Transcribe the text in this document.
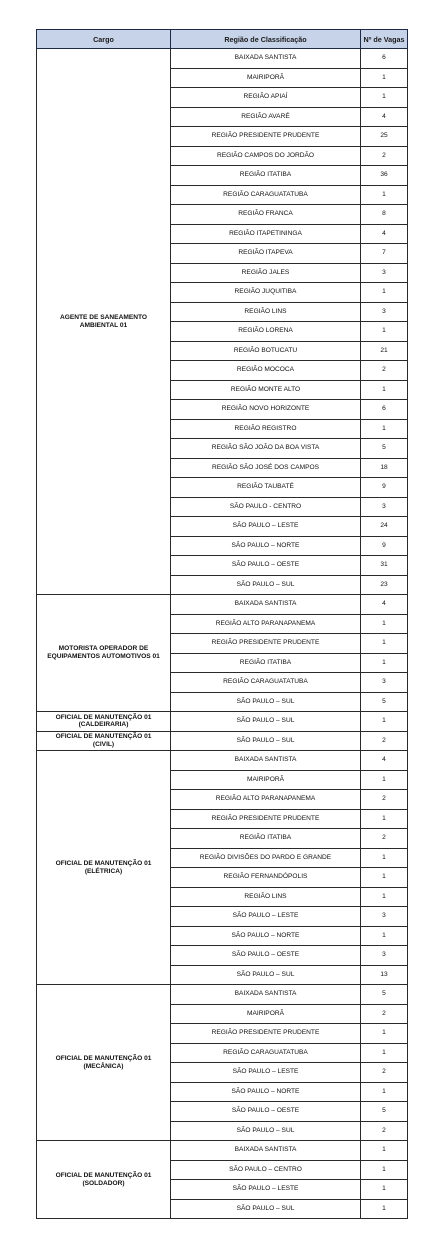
Cargo	Região de Classificação	Nº de Vagas
AGENTE DE SANEAMENTO AMBIENTAL 01	BAIXADA SANTISTA	6
	MAIRIPORÃ	1
	REGIÃO APIAÍ	1
	REGIÃO AVARÉ	4
	REGIÃO PRESIDENTE PRUDENTE	25
	REGIÃO CAMPOS DO JORDÃO	2
	REGIÃO ITATIBA	36
	REGIÃO CARAGUATATUBA	1
	REGIÃO FRANCA	8
	REGIÃO ITAPETININGA	4
	REGIÃO ITAPEVA	7
	REGIÃO JALES	3
	REGIÃO JUQUITIBA	1
	REGIÃO LINS	3
	REGIÃO LORENA	1
	REGIÃO BOTUCATU	21
	REGIÃO MOCOCA	2
	REGIÃO MONTE ALTO	1
	REGIÃO NOVO HORIZONTE	6
	REGIÃO REGISTRO	1
	REGIÃO SÃO JOÃO DA BOA VISTA	5
	REGIÃO SÃO JOSÉ DOS CAMPOS	18
	REGIÃO TAUBATÉ	9
	SÃO PAULO - CENTRO	3
	SÃO PAULO – LESTE	24
	SÃO PAULO – NORTE	9
	SÃO PAULO – OESTE	31
	SÃO PAULO – SUL	23
MOTORISTA OPERADOR DE EQUIPAMENTOS AUTOMOTIVOS 01	BAIXADA SANTISTA	4
	REGIÃO ALTO PARANAPANEMA	1
	REGIÃO PRESIDENTE PRUDENTE	1
	REGIÃO ITATIBA	1
	REGIÃO CARAGUATATUBA	3
	SÃO PAULO – SUL	5
OFICIAL DE MANUTENÇÃO 01 (CALDEIRARIA)	SÃO PAULO – SUL	1
OFICIAL DE MANUTENÇÃO 01 (CIVIL)	SÃO PAULO – SUL	2
OFICIAL DE MANUTENÇÃO 01 (ELÉTRICA)	BAIXADA SANTISTA	4
	MAIRIPORÃ	1
	REGIÃO ALTO PARANAPANEMA	2
	REGIÃO PRESIDENTE PRUDENTE	1
	REGIÃO ITATIBA	2
	REGIÃO DIVISÕES DO PARDO E GRANDE	1
	REGIÃO FERNANDÓPOLIS	1
	REGIÃO LINS	1
	SÃO PAULO – LESTE	3
	SÃO PAULO – NORTE	1
	SÃO PAULO – OESTE	3
	SÃO PAULO – SUL	13
OFICIAL DE MANUTENÇÃO 01 (MECÂNICA)	BAIXADA SANTISTA	5
	MAIRIPORÃ	2
	REGIÃO PRESIDENTE PRUDENTE	1
	REGIÃO CARAGUATATUBA	1
	SÃO PAULO – LESTE	2
	SÃO PAULO – NORTE	1
	SÃO PAULO – OESTE	5
	SÃO PAULO – SUL	2
OFICIAL DE MANUTENÇÃO 01 (SOLDADOR)	BAIXADA SANTISTA	1
	SÃO PAULO – CENTRO	1
	SÃO PAULO – LESTE	1
	SÃO PAULO – SUL	1
